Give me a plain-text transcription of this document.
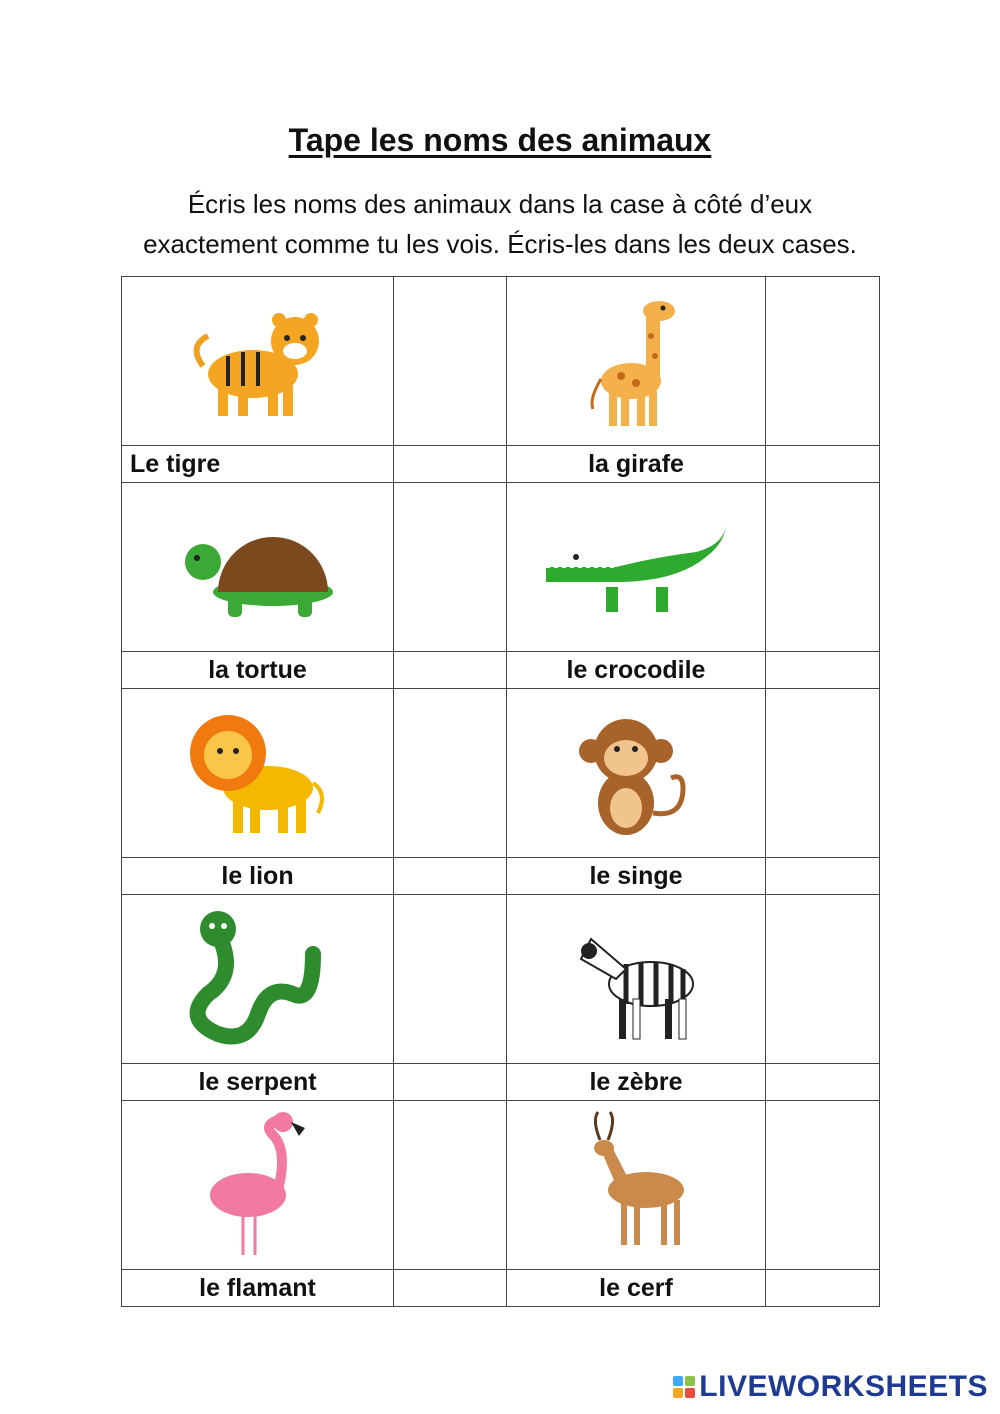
Tape les noms des animaux
Écris les noms des animaux dans la case à côté d’eux
exactement comme tu les vois. Écris-les dans les deux cases.

Le tigre		la girafe	

la tortue		le crocodile	

le lion		le singe	

le serpent		le zèbre	

le flamant		le cerf	
LIVEWORKSHEETS
